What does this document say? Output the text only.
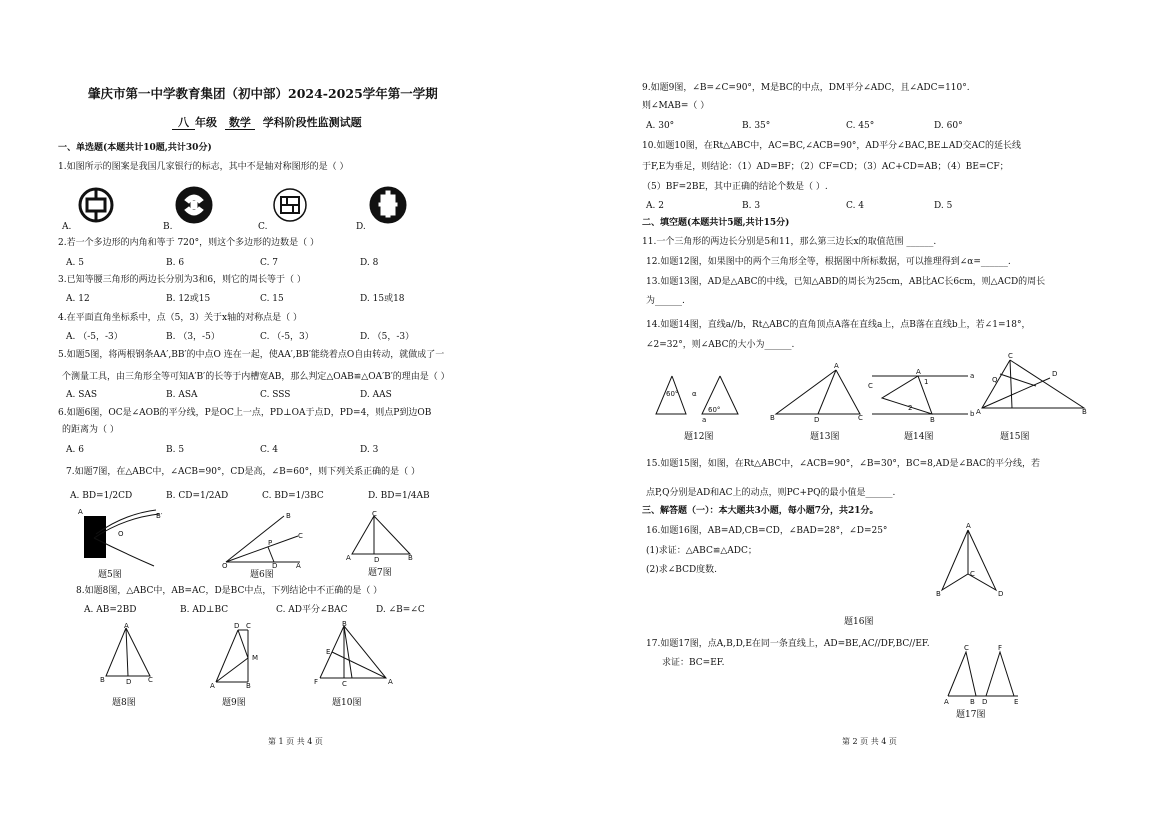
肇庆市第一中学教育集团（初中部）2024-2025学年第一学期
八 年级 数学 学科阶段性监测试题
一、单选题(本题共计10题,共计30分)
1.如图所示的图案是我国几家银行的标志，其中不是轴对称图形的是（ ）
A.	B.	C.	D.
2.若一个多边形的内角和等于 720°，则这个多边形的边数是（ ）
A. 5	B. 6	C. 7	D. 8
3.已知等腰三角形的两边长分别为3和6，则它的周长等于（ ）
A. 12	B. 12或15	C. 15	D. 15或18
4.在平面直角坐标系中，点（5，3）关于x轴的对称点是（ ）
A. （-5，-3）	B. （3，-5）	C. （-5，3）	D. （5，-3）
5.如题5图，将两根钢条AA′,BB′的中点O 连在一起，使AA′,BB′能绕着点O自由转动，就做成了一
个测量工具，由三角形全等可知A′B′的长等于内槽宽AB，那么判定△OAB≌△OA′B′的理由是（ ）
A. SAS	B. ASA	C. SSS	D. AAS
6.如题6图，OC是∠AOB的平分线，P是OC上一点，PD⊥OA于点D，PD=4，则点P到边OB
的距离为（ ）
A. 6	B. 5	C. 4	D. 3
7.如题7图，在△ABC中，∠ACB=90°，CD是高，∠B=60°，则下列关系正确的是（ ）
A. BD=1/2CD	B. CD=1/2AD	C. BD=1/3BC	D. BD=1/4AB
A	B′
O
题5图
O
B
C
P
D	A
题6图
C
A	D	B
题7图
8.如题8图，△ABC中，AB=AC，D是BC中点，下列结论中不正确的是（ ）
A. AB=2BD	B. AD⊥BC	C. AD平分∠BAC	D. ∠B=∠C
A
B	D C
题8图
D C
M
A	B
题9图
B
E
F	C	A
题10图
第 1 页 共 4 页
9.如题9图，∠B=∠C=90°，M是BC的中点，DM平分∠ADC，且∠ADC=110°.
则∠MAB=（ ）
A. 30°	B. 35°	C. 45°	D. 60°
10.如题10图，在Rt△ABC中，AC=BC,∠ACB=90°，AD平分∠BAC,BE⊥AD交AC的延长线
于F,E为垂足，则结论：（1）AD=BF；（2）CF=CD；（3）AC+CD=AB；（4）BE=CF；
（5）BF=2BE，其中正确的结论个数是（ ）.
A. 2	B. 3	C. 4	D. 5
二、填空题(本题共计5题,共计15分)
11.一个三角形的两边长分别是5和11，那么第三边长x的取值范围 ______.
12.如题12图，如果图中的两个三角形全等，根据图中所标数据，可以推理得到∠α=______.
13.如题13图，AD是△ABC的中线，已知△ABD的周长为25cm，AB比AC长6cm，则△ACD的周长
为______.
14.如题14图，直线a//b，Rt△ABC的直角顶点A落在直线a上，点B落在直线b上，若∠1=18°，
∠2=32°，则∠ABC的大小为______.
60°
60°
α
a
题12图
A
B	D	C
题13图
C
A
B
a
b
2
1
题14图
C
Q
D
A	B
题15图
15.如题15图，如图，在Rt△ABC中，∠ACB=90°，∠B=30°，BC=8,AD是∠BAC的平分线，若
点P,Q分别是AD和AC上的动点，则PC+PQ的最小值是______.
三、解答题（一）：本大题共3小题，每小题7分，共21分。
16.如题16图，AB=AD,CB=CD，∠BAD=28°，∠D=25°
(1)求证：△ABC≌△ADC；
(2)求∠BCD度数.
A
B
C
D
题16图
17.如题17图，点A,B,D,E在同一条直线上，AD=BE,AC//DF,BC//EF.
求证：BC=EF.
C	F
A	B D	E
题17图
第 2 页 共 4 页
